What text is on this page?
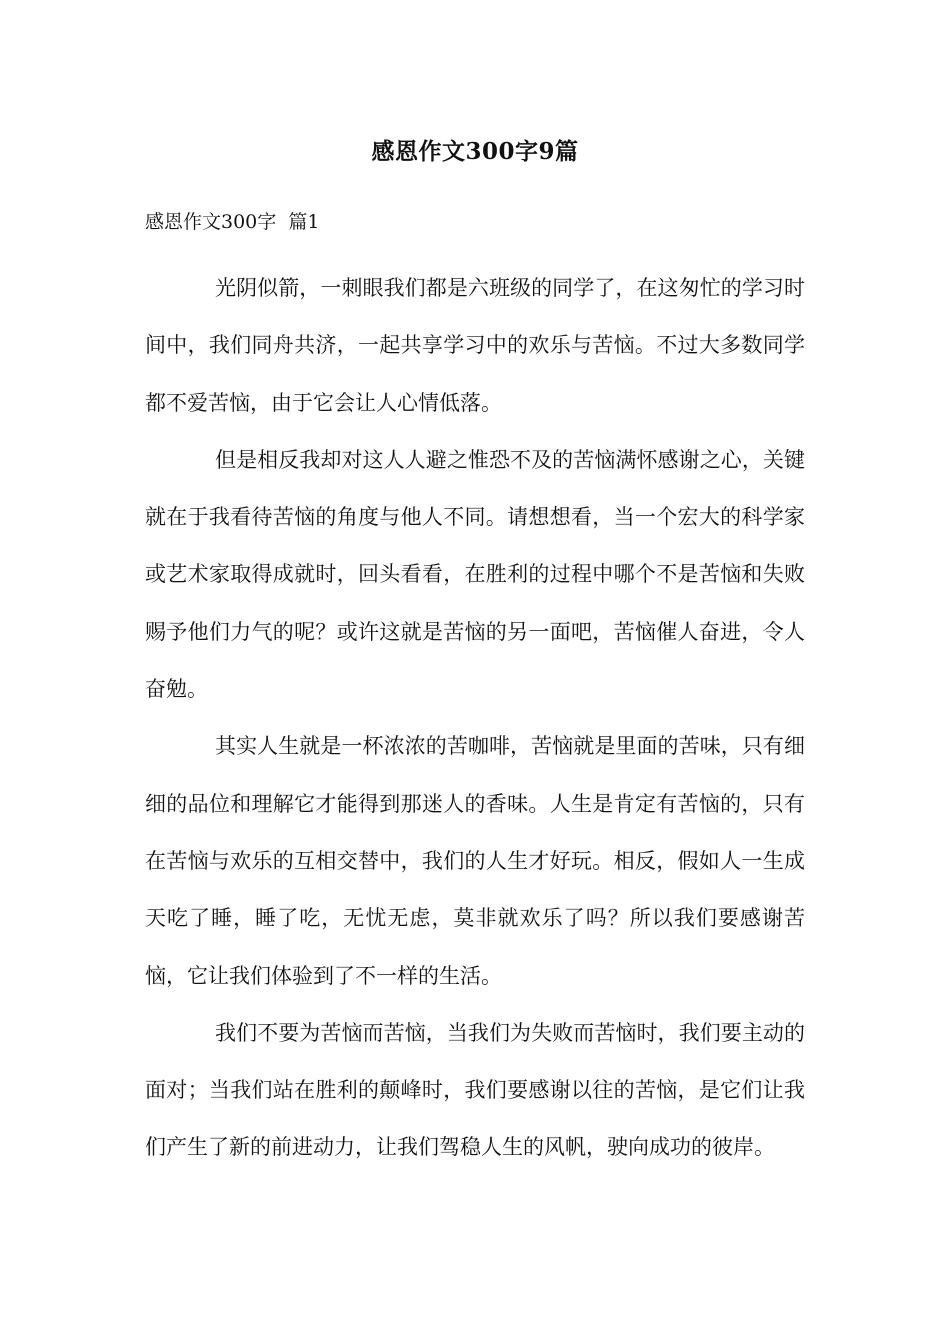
感恩作文300字9篇
感恩作文300字  篇1

光阴似箭，一刺眼我们都是六班级的同学了，在这匆忙的学习时间中，我们同舟共济，一起共享学习中的欢乐与苦恼。不过大多数同学都不爱苦恼，由于它会让人心情低落。

但是相反我却对这人人避之惟恐不及的苦恼满怀感谢之心，关键就在于我看待苦恼的角度与他人不同。请想想看，当一个宏大的科学家或艺术家取得成就时，回头看看，在胜利的过程中哪个不是苦恼和失败赐予他们力气的呢？或许这就是苦恼的另一面吧，苦恼催人奋进，令人奋勉。

其实人生就是一杯浓浓的苦咖啡，苦恼就是里面的苦味，只有细细的品位和理解它才能得到那迷人的香味。人生是肯定有苦恼的，只有在苦恼与欢乐的互相交替中，我们的人生才好玩。相反，假如人一生成天吃了睡，睡了吃，无忧无虑，莫非就欢乐了吗？所以我们要感谢苦恼，它让我们体验到了不一样的生活。

我们不要为苦恼而苦恼，当我们为失败而苦恼时，我们要主动的面对；当我们站在胜利的颠峰时，我们要感谢以往的苦恼，是它们让我们产生了新的前进动力，让我们驾稳人生的风帆，驶向成功的彼岸。
